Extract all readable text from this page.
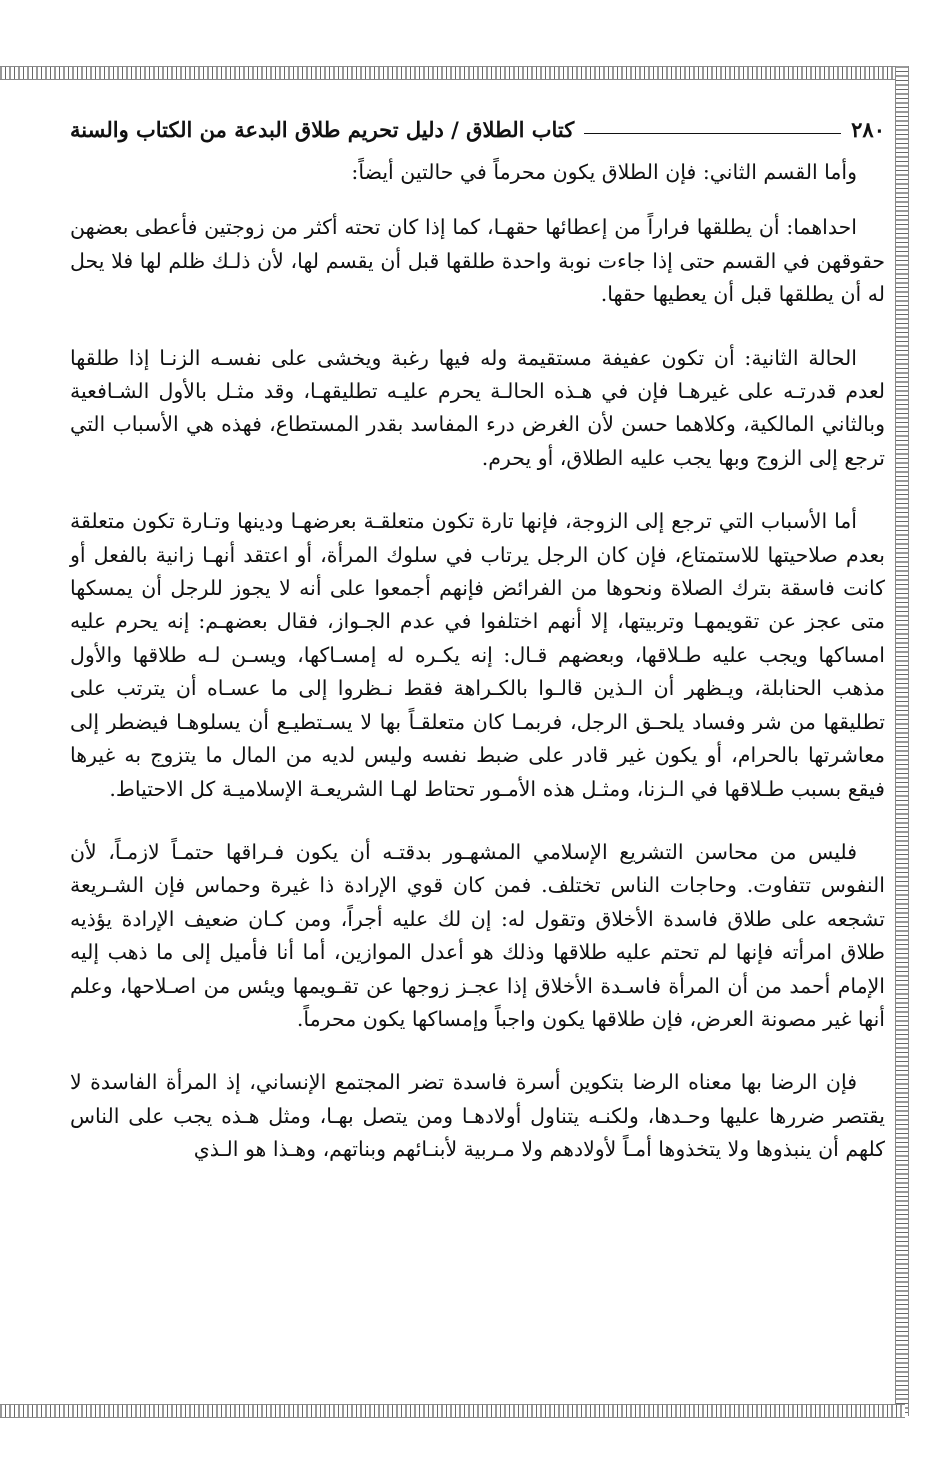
٢٨٠
كتاب الطلاق / دليل تحريم طلاق البدعة من الكتاب والسنة

وأما القسم الثاني: فإن الطلاق يكون محرماً في حالتين أيضاً:

احداهما: أن يطلقها فراراً من إعطائها حقهـا، كما إذا كان تحته أكثر من زوجتين فأعطى بعضهن حقوقهن في القسم حتى إذا جاءت نوبة واحدة طلقها قبل أن يقسم لها، لأن ذلـك ظلم لها فلا يحل له أن يطلقها قبل أن يعطيها حقها.

الحالة الثانية: أن تكون عفيفة مستقيمة وله فيها رغبة ويخشى على نفسـه الزنـا إذا طلقها لعدم قدرتـه على غيرهـا فإن في هـذه الحالـة يحرم عليـه تطليقهـا، وقد مثـل بالأول الشـافعية وبالثاني المالكية، وكلاهما حسن لأن الغرض درء المفاسد بقدر المستطاع، فهذه هي الأسباب التي ترجع إلى الزوج وبها يجب عليه الطلاق، أو يحرم.

أما الأسباب التي ترجع إلى الزوجة، فإنها تارة تكون متعلقـة بعرضهـا ودينها وتـارة تكون متعلقة بعدم صلاحيتها للاستمتاع، فإن كان الرجل يرتاب في سلوك المرأة، أو اعتقد أنهـا زانية بالفعل أو كانت فاسقة بترك الصلاة ونحوها من الفرائض فإنهم أجمعوا على أنه لا يجوز للرجل أن يمسكها متى عجز عن تقويمهـا وتربيتها، إلا أنهم اختلفوا في عدم الجـواز، فقال بعضهـم: إنه يحرم عليه امساكها ويجب عليه طـلاقها، وبعضهم قـال: إنه يكـره له إمسـاكها، ويسـن لـه طلاقها والأول مذهب الحنابلة، ويـظهر أن الـذين قالـوا بالكـراهة فقط نـظروا إلى ما عسـاه أن يترتب على تطليقها من شر وفساد يلحـق الرجل، فربمـا كان متعلقـاً بها لا يسـتطيـع أن يسلوهـا فيضطر إلى معاشرتها بالحرام، أو يكون غير قادر على ضبط نفسه وليس لديه من المال ما يتزوج به غيرها فيقع بسبب طـلاقها في الـزنا، ومثـل هذه الأمـور تحتاط لهـا الشريعـة الإسلاميـة كل الاحتياط.

فليس من محاسن التشريع الإسلامي المشهـور بدقتـه أن يكون فـراقها حتمـاً لازمـاً، لأن النفوس تتفاوت. وحاجات الناس تختلف. فمن كان قوي الإرادة ذا غيرة وحماس فإن الشـريعة تشجعه على طلاق فاسدة الأخلاق وتقول له: إن لك عليه أجراً، ومن كـان ضعيف الإرادة يؤذيه طلاق امرأته فإنها لم تحتم عليه طلاقها وذلك هو أعدل الموازين، أما أنا فأميل إلى ما ذهب إليه الإمام أحمد من أن المرأة فاسـدة الأخلاق إذا عجـز زوجها عن تقـويمها ويئس من اصـلاحها، وعلم أنها غير مصونة العرض، فإن طلاقها يكون واجباً وإمساكها يكون محرماً.

فإن الرضا بها معناه الرضا بتكوين أسرة فاسدة تضر المجتمع الإنساني، إذ المرأة الفاسدة لا يقتصر ضررها عليها وحـدها، ولكنـه يتناول أولادهـا ومن يتصل بهـا، ومثل هـذه يجب على الناس كلهم أن ينبذوها ولا يتخذوها أمـاً لأولادهم ولا مـربية لأبنـائهم وبناتهم، وهـذا هو الـذي
